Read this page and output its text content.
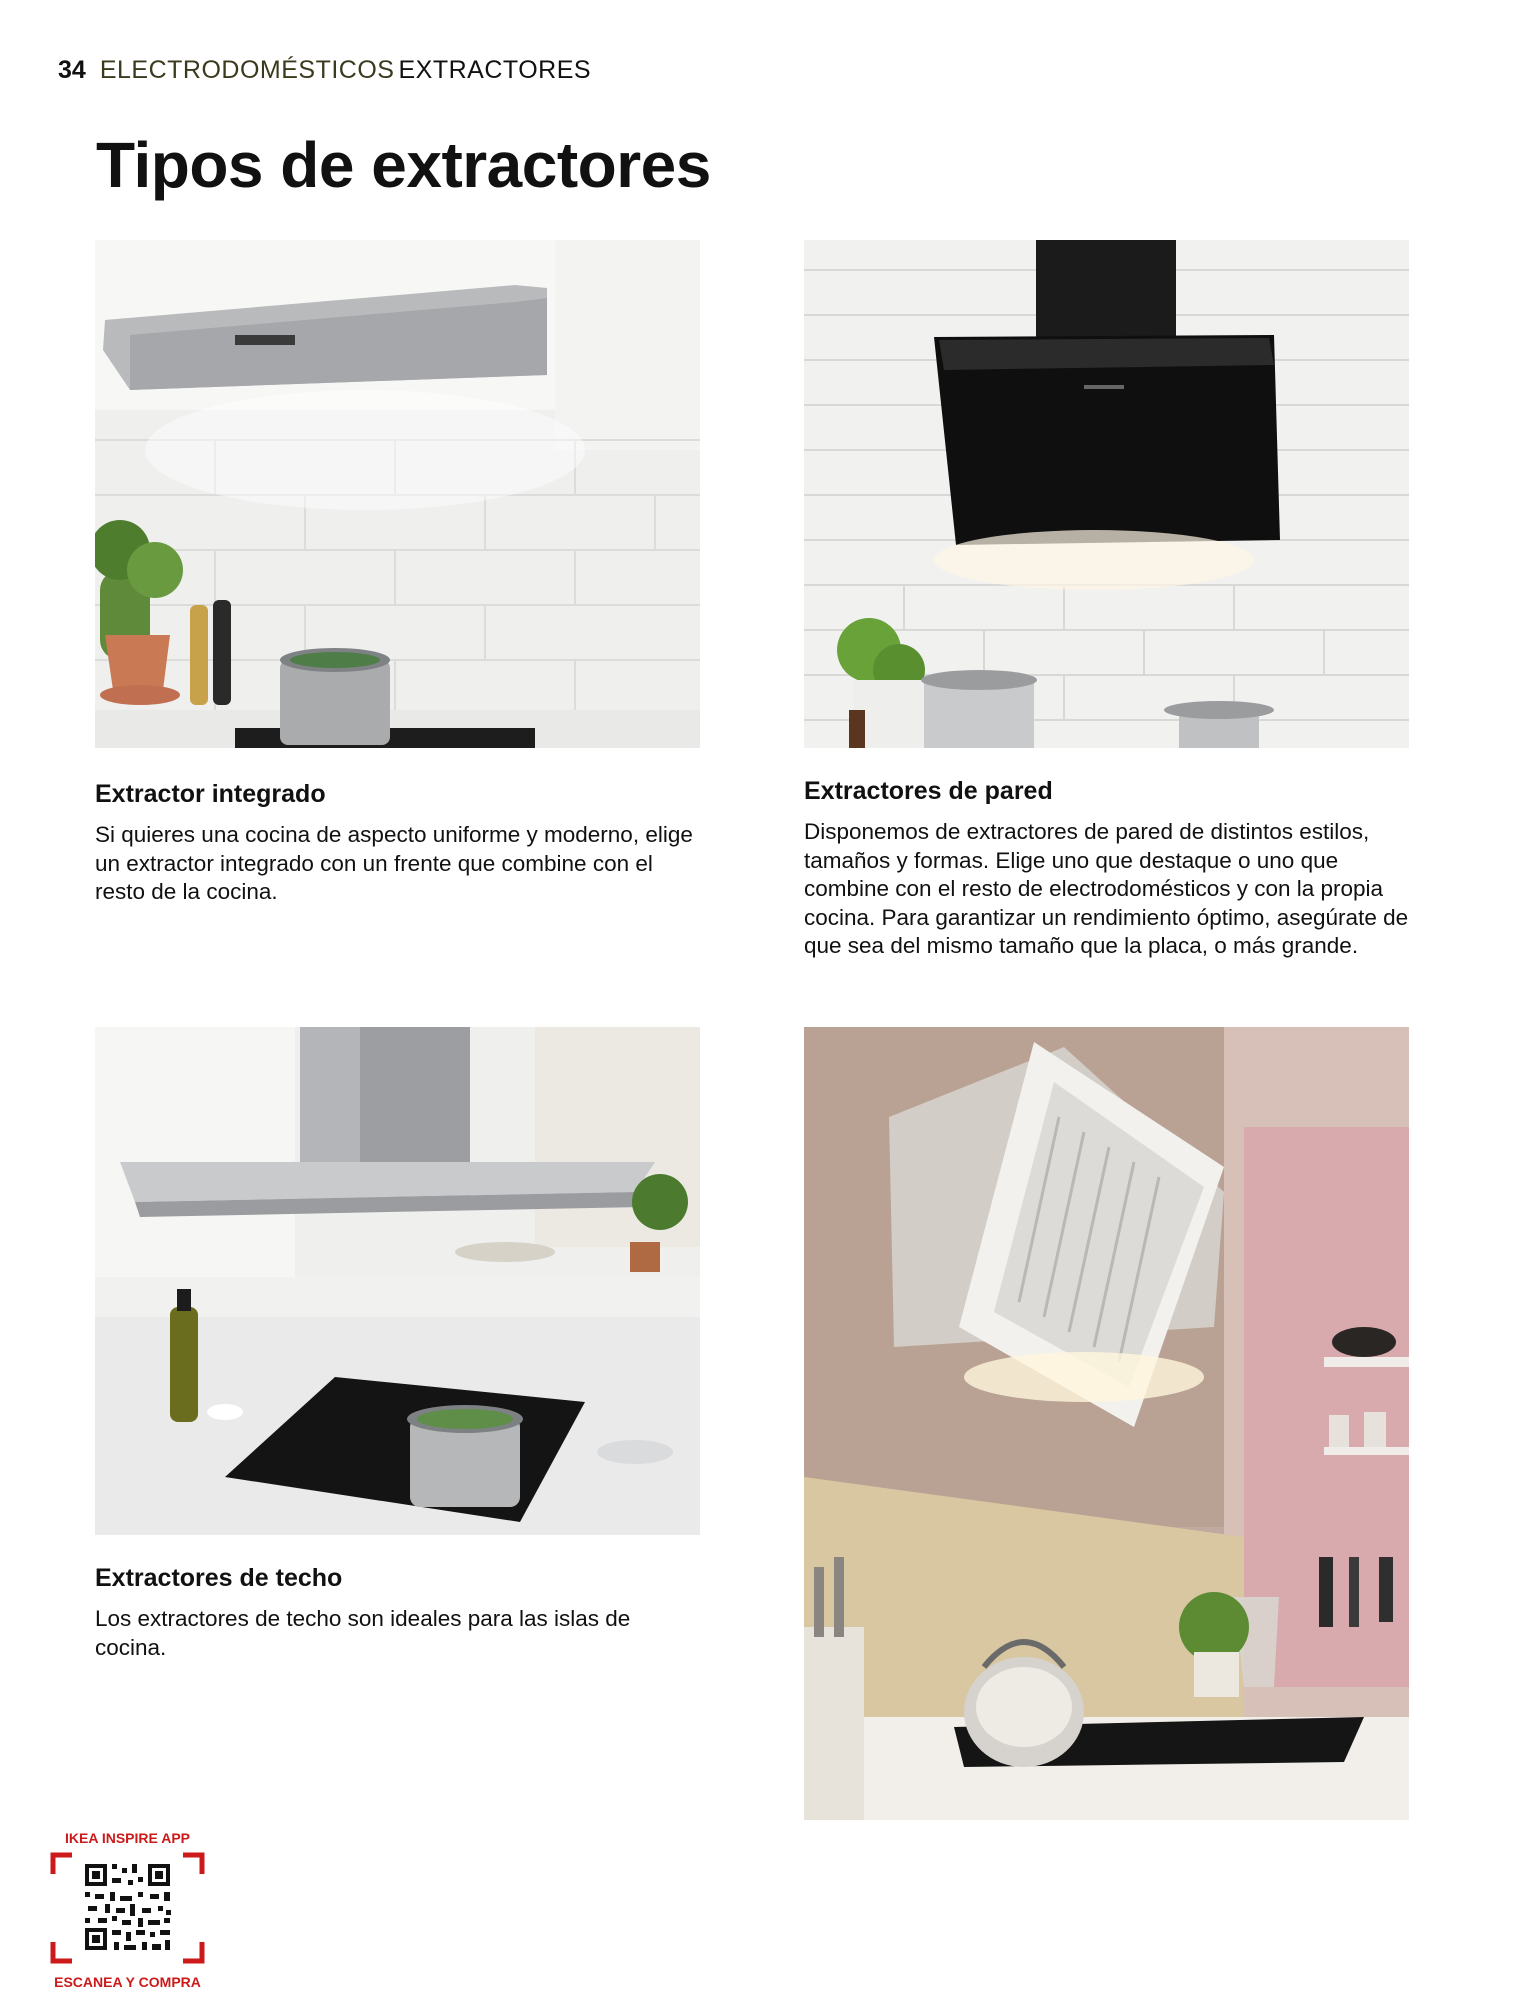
34 ELECTRODOMÉSTICOS EXTRACTORES
Tipos de extractores
Extractor integrado

Si quieres una cocina de aspecto uniforme y moderno, elige un extractor integrado con un frente que combine con el resto de la cocina.

Extractores de pared

Disponemos de extractores de pared de distintos estilos, tamaños y formas. Elige uno que destaque o uno que combine con el resto de electrodomésticos y con la propia cocina. Para garantizar un rendimiento óptimo, asegúrate de que sea del mismo tamaño que la placa, o más grande.

Extractores de techo

Los extractores de techo son ideales para las islas de cocina.

IKEA INSPIRE APP
ESCANEA Y COMPRA
